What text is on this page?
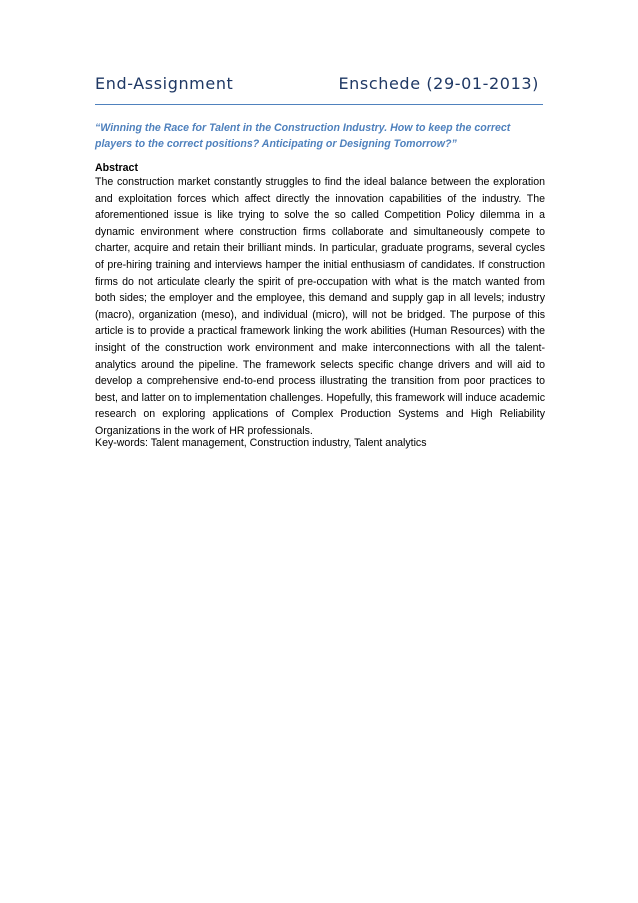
End-Assignment	Enschede (29-01-2013)
“Winning the Race for Talent in the Construction Industry. How to keep the correct players to the correct positions? Anticipating or Designing Tomorrow?”
Abstract
The construction market constantly struggles to find the ideal balance between the exploration and exploitation forces which affect directly the innovation capabilities of the industry. The aforementioned issue is like trying to solve the so called Competition Policy dilemma in a dynamic environment where construction firms collaborate and simultaneously compete to charter, acquire and retain their brilliant minds. In particular, graduate programs, several cycles of pre-hiring training and interviews hamper the initial enthusiasm of candidates. If construction firms do not articulate clearly the spirit of pre-occupation with what is the match wanted from both sides; the employer and the employee, this demand and supply gap in all levels; industry (macro), organization (meso), and individual (micro), will not be bridged. The purpose of this article is to provide a practical framework linking the work abilities (Human Resources) with the insight of the construction work environment and make interconnections with all the talent-analytics around the pipeline. The framework selects specific change drivers and will aid to develop a comprehensive end-to-end process illustrating the transition from poor practices to best, and latter on to implementation challenges. Hopefully, this framework will induce academic research on exploring applications of Complex Production Systems and High Reliability Organizations in the work of HR professionals.
Key-words: Talent management, Construction industry, Talent analytics
